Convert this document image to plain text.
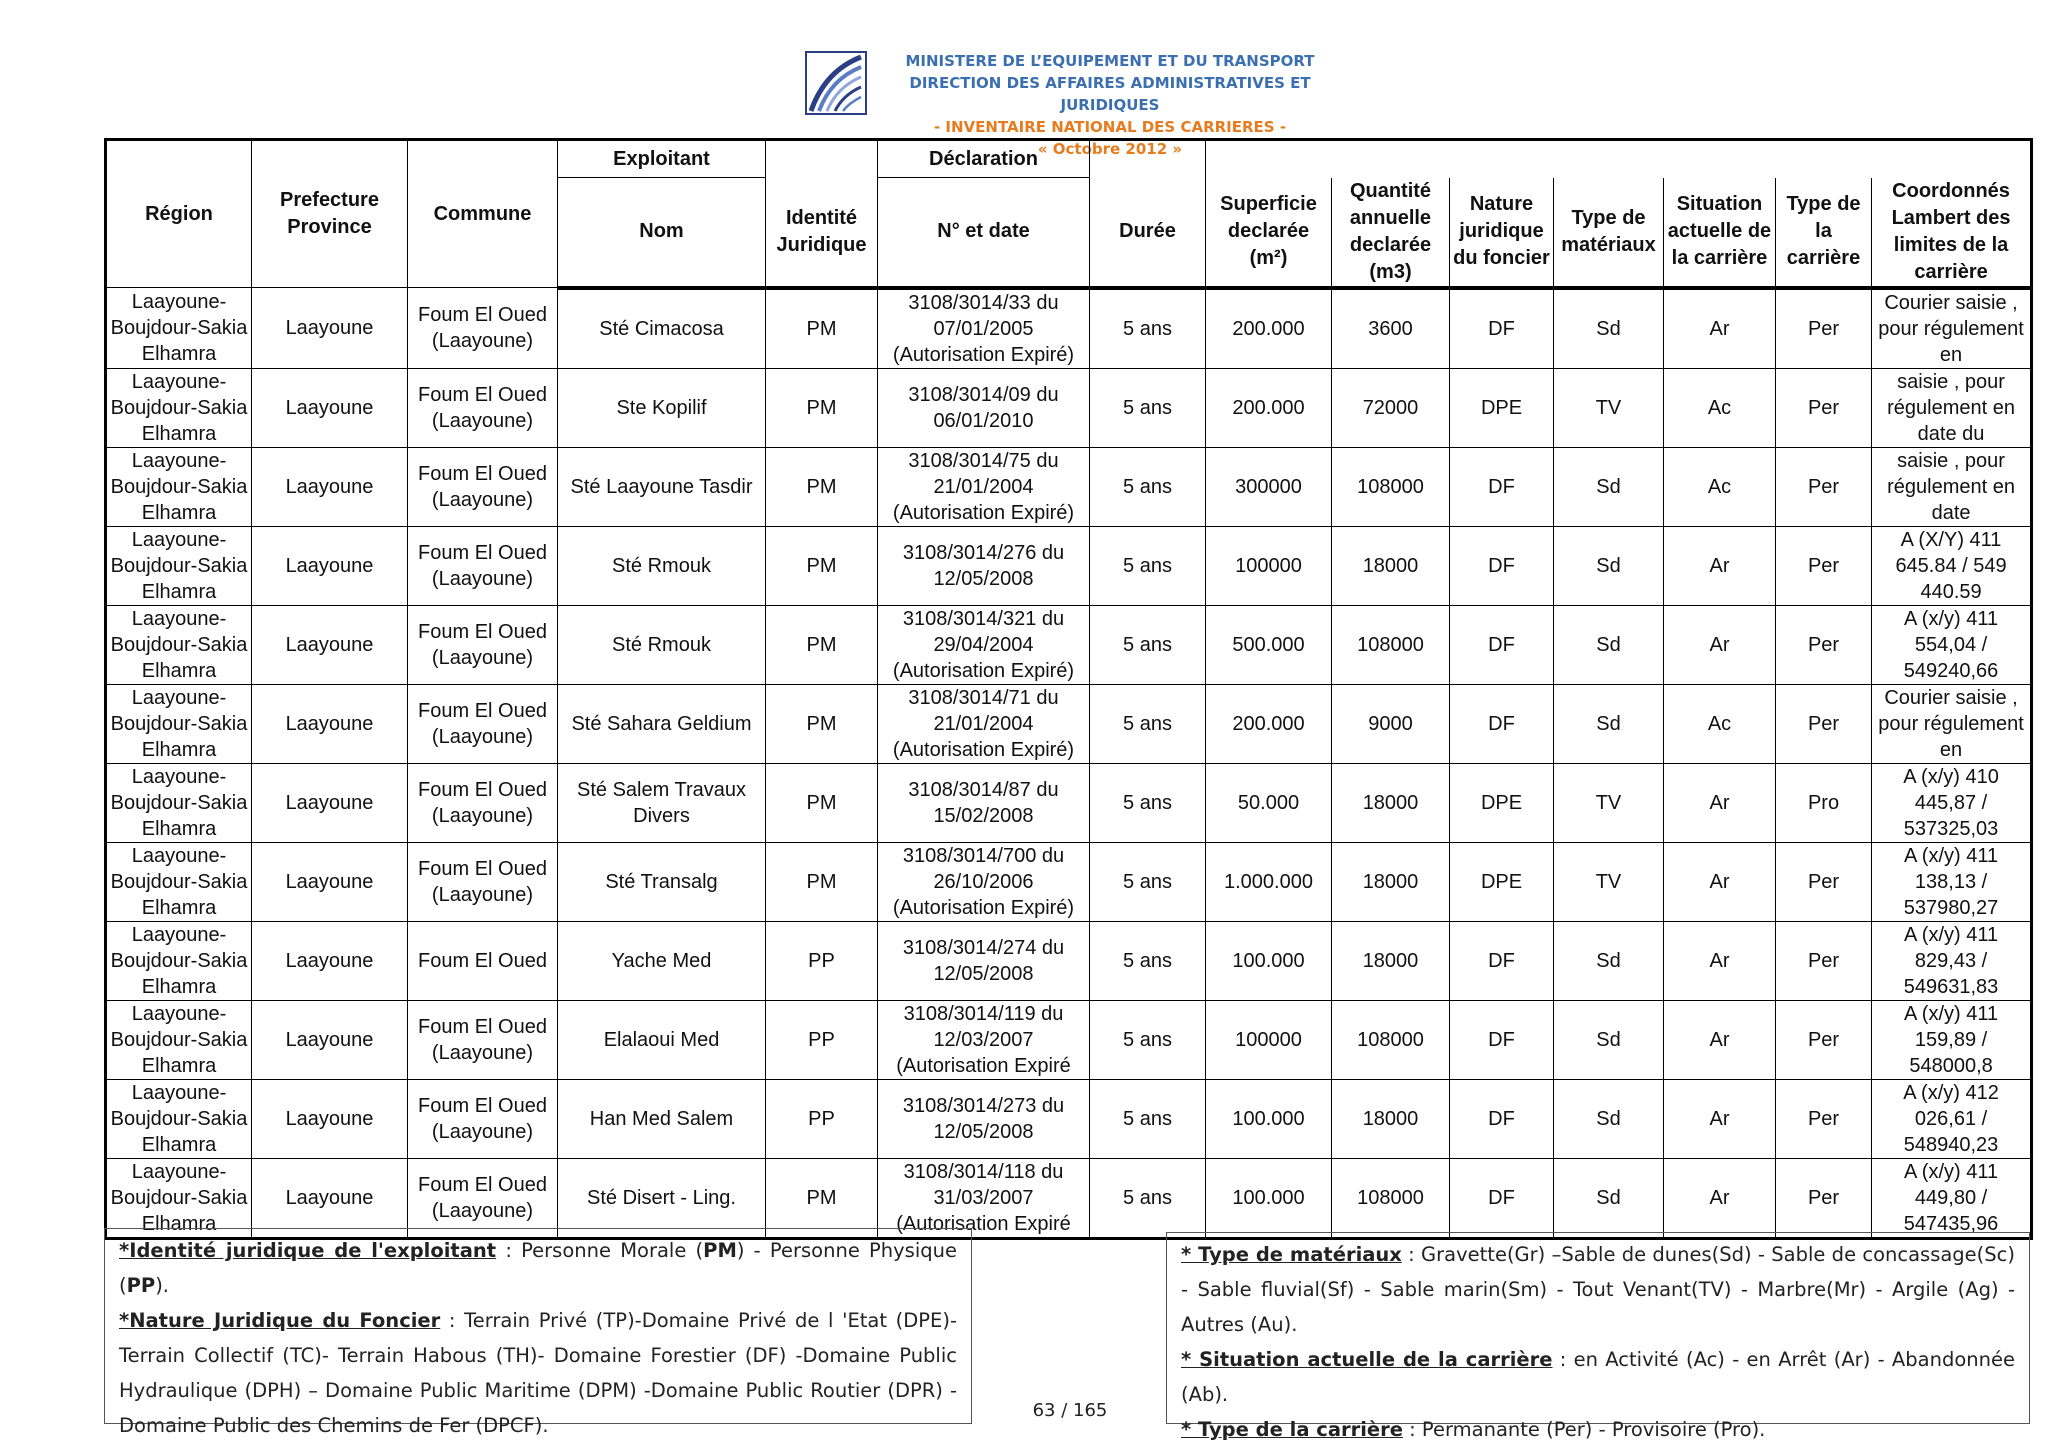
MINISTERE DE L’EQUIPEMENT ET DU TRANSPORT
DIRECTION DES AFFAIRES ADMINISTRATIVES ET JURIDIQUES
- INVENTAIRE NATIONAL DES CARRIERES -
« Octobre 2012 »
Région	Prefecture Province	Commune	Exploitant		Déclaration								
			Nom	Identité Juridique	N° et date	Durée	Superficie declarée (m²)	Quantité annuelle declarée (m3)	Nature juridique du foncier	Type de matériaux	Situation actuelle de la carrière	Type de la carrière	Coordonnés Lambert des limites de la carrière

Laayoune-Boujdour-Sakia Elhamra	Laayoune	Foum El Oued (Laayoune)	Sté Cimacosa	PM	3108/3014/33 du 07/01/2005 (Autorisation Expiré)	5 ans	200.000	3600	DF	Sd	Ar	Per	Courier saisie , pour régulement en

Laayoune-Boujdour-Sakia Elhamra	Laayoune	Foum El Oued (Laayoune)	Ste Kopilif	PM	3108/3014/09 du 06/01/2010	5 ans	200.000	72000	DPE	TV	Ac	Per	saisie , pour régulement en date du

Laayoune-Boujdour-Sakia Elhamra	Laayoune	Foum El Oued (Laayoune)	Sté Laayoune Tasdir	PM	3108/3014/75 du 21/01/2004 (Autorisation Expiré)	5 ans	300000	108000	DF	Sd	Ac	Per	saisie , pour régulement en date

Laayoune-Boujdour-Sakia Elhamra	Laayoune	Foum El Oued (Laayoune)	Sté Rmouk	PM	3108/3014/276 du 12/05/2008	5 ans	100000	18000	DF	Sd	Ar	Per	A (X/Y) 411 645.84 / 549 440.59

Laayoune-Boujdour-Sakia Elhamra	Laayoune	Foum El Oued (Laayoune)	Sté Rmouk	PM	3108/3014/321 du 29/04/2004 (Autorisation Expiré)	5 ans	500.000	108000	DF	Sd	Ar	Per	A (x/y) 411 554,04 / 549240,66

Laayoune-Boujdour-Sakia Elhamra	Laayoune	Foum El Oued (Laayoune)	Sté Sahara Geldium	PM	3108/3014/71 du 21/01/2004 (Autorisation Expiré)	5 ans	200.000	9000	DF	Sd	Ac	Per	Courier saisie , pour régulement en

Laayoune-Boujdour-Sakia Elhamra	Laayoune	Foum El Oued (Laayoune)	Sté Salem Travaux Divers	PM	3108/3014/87 du 15/02/2008	5 ans	50.000	18000	DPE	TV	Ar	Pro	A (x/y) 410 445,87 / 537325,03

Laayoune-Boujdour-Sakia Elhamra	Laayoune	Foum El Oued (Laayoune)	Sté Transalg	PM	3108/3014/700 du 26/10/2006 (Autorisation Expiré)	5 ans	1.000.000	18000	DPE	TV	Ar	Per	A (x/y) 411 138,13 / 537980,27

Laayoune-Boujdour-Sakia Elhamra	Laayoune	Foum El Oued	Yache Med	PP	3108/3014/274 du 12/05/2008	5 ans	100.000	18000	DF	Sd	Ar	Per	A (x/y) 411 829,43 / 549631,83

Laayoune-Boujdour-Sakia Elhamra	Laayoune	Foum El Oued (Laayoune)	Elalaoui Med	PP	3108/3014/119 du 12/03/2007 (Autorisation Expiré	5 ans	100000	108000	DF	Sd	Ar	Per	A (x/y) 411 159,89 / 548000,8

Laayoune-Boujdour-Sakia Elhamra	Laayoune	Foum El Oued (Laayoune)	Han Med Salem	PP	3108/3014/273 du 12/05/2008	5 ans	100.000	18000	DF	Sd	Ar	Per	A (x/y) 412 026,61 / 548940,23

Laayoune-Boujdour-Sakia Elhamra	Laayoune	Foum El Oued (Laayoune)	Sté Disert - Ling.	PM	3108/3014/118 du 31/03/2007 (Autorisation Expiré	5 ans	100.000	108000	DF	Sd	Ar	Per	A (x/y) 411 449,80 / 547435,96
*Identité juridique de l'exploitant : Personne Morale (PM) - Personne Physique (PP).
*Nature Juridique du Foncier : Terrain Privé (TP)-Domaine Privé de l 'Etat (DPE)- Terrain Collectif (TC)- Terrain Habous (TH)- Domaine Forestier (DF) -Domaine Public Hydraulique (DPH) – Domaine Public Maritime (DPM) -Domaine Public Routier (DPR) - Domaine Public des Chemins de Fer (DPCF).
63 / 165
* Type de matériaux : Gravette(Gr) –Sable de dunes(Sd) - Sable de concassage(Sc) - Sable fluvial(Sf) - Sable marin(Sm) - Tout Venant(TV) - Marbre(Mr) - Argile (Ag) - Autres (Au).
* Situation actuelle de la carrière : en Activité (Ac) - en Arrêt (Ar) - Abandonnée (Ab).
* Type de la carrière : Permanante (Per) - Provisoire (Pro).
